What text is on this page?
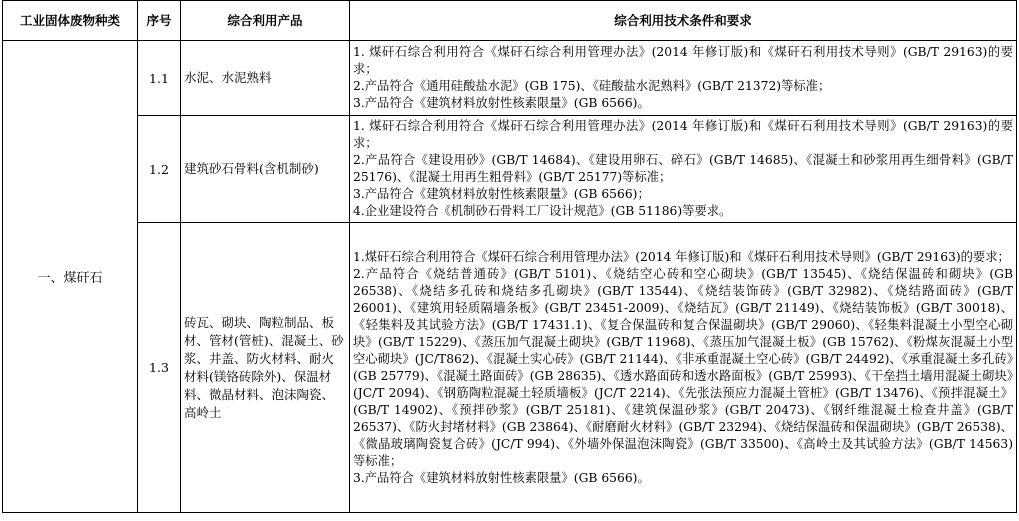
工业固体废物种类	序号	综合利用产品	综合利用技术条件和要求
一、煤矸石	1.1	水泥、水泥熟料	1. 煤矸石综合利用符合《煤矸石综合利用管理办法》(2014 年修订版)和《煤矸石利用技术导则》(GB/T 29163)的要求；
2.产品符合《通用硅酸盐水泥》(GB 175)、《硅酸盐水泥熟料》(GB/T 21372)等标准；
3.产品符合《建筑材料放射性核素限量》(GB 6566)。

	1.2	建筑砂石骨料(含机制砂)	1. 煤矸石综合利用符合《煤矸石综合利用管理办法》(2014 年修订版)和《煤矸石利用技术导则》(GB/T 29163)的要求；
2.产品符合《建设用砂》(GB/T 14684)、《建设用卵石、碎石》(GB/T 14685)、《混凝土和砂浆用再生细骨料》(GB/T 25176)、《混凝土用再生粗骨料》(GB/T 25177)等标准；
3.产品符合《建筑材料放射性核素限量》(GB 6566)；
4.企业建设符合《机制砂石骨料工厂设计规范》(GB 51186)等要求。

	1.3	砖瓦、砌块、陶粒制品、板材、管材(管桩)、混凝土、砂浆、井盖、防火材料、耐火材料(镁铬砖除外)、保温材料、微晶材料、泡沫陶瓷、高岭土	1.煤矸石综合利用符合《煤矸石综合利用管理办法》(2014 年修订版)和《煤矸石利用技术导则》(GB/T 29163)的要求；
2.产品符合《烧结普通砖》(GB/T 5101)、《烧结空心砖和空心砌块》(GB/T 13545)、《烧结保温砖和砌块》(GB 26538)、《烧结多孔砖和烧结多孔砌块》(GB/T 13544)、《烧结装饰砖》(GB/T 32982)、《烧结路面砖》(GB/T 26001)、《建筑用轻质隔墙条板》(GB/T 23451-2009)、《烧结瓦》(GB/T 21149)、《烧结装饰板》(GB/T 30018)、《轻集料及其试验方法》(GB/T 17431.1)、《复合保温砖和复合保温砌块》(GB/T 29060)、《轻集料混凝土小型空心砌块》(GB/T 15229)、《蒸压加气混凝土砌块》(GB/T 11968)、《蒸压加气混凝土板》(GB 15762)、《粉煤灰混凝土小型空心砌块》(JC/T862)、《混凝土实心砖》(GB/T 21144)、《非承重混凝土空心砖》(GB/T 24492)、《承重混凝土多孔砖》(GB 25779)、《混凝土路面砖》(GB 28635)、《透水路面砖和透水路面板》(GB/T 25993)、《干垒挡土墙用混凝土砌块》(JC/T 2094)、《钢筋陶粒混凝土轻质墙板》(JC/T 2214)、《先张法预应力混凝土管桩》(GB/T 13476)、《预拌混凝土》(GB/T 14902)、《预拌砂浆》(GB/T 25181)、《建筑保温砂浆》(GB/T 20473)、《钢纤维混凝土检查井盖》(GB/T 26537)、《防火封堵材料》(GB 23864)、《耐磨耐火材料》(GB/T 23294)、《烧结保温砖和保温砌块》(GB/T 26538)、《微晶玻璃陶瓷复合砖》(JC/T 994)、《外墙外保温泡沫陶瓷》(GB/T 33500)、《高岭土及其试验方法》(GB/T 14563)等标准；
3.产品符合《建筑材料放射性核素限量》(GB 6566)。
